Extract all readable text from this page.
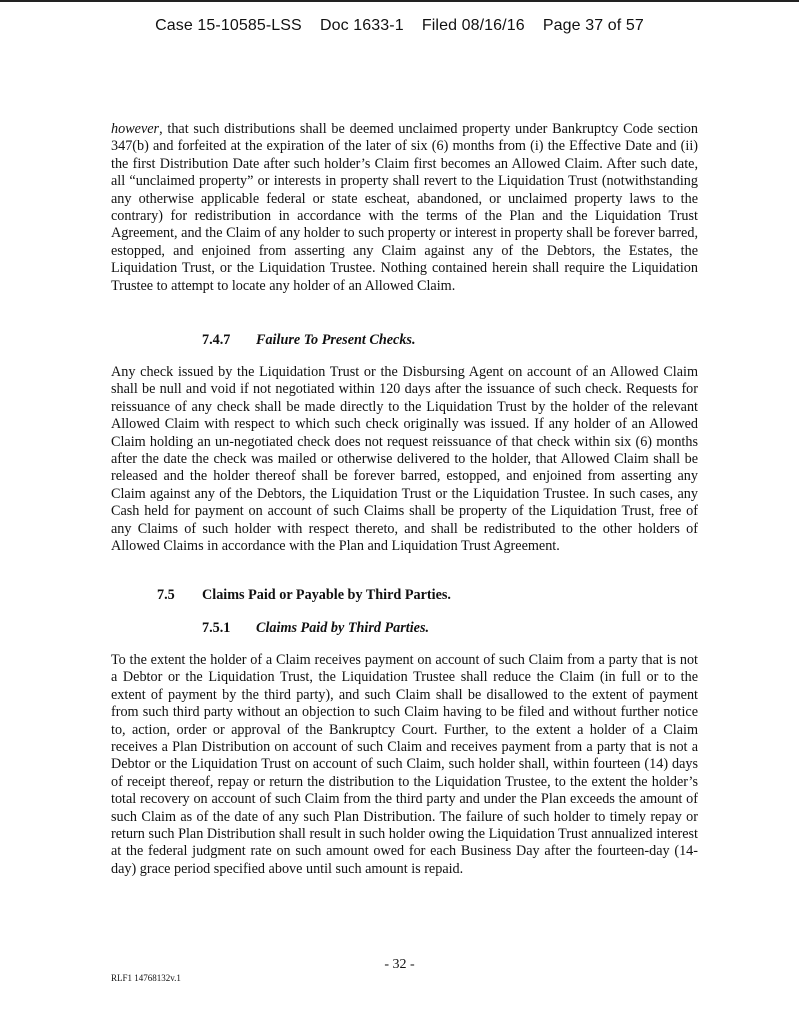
Case 15-10585-LSS Doc 1633-1 Filed 08/16/16 Page 37 of 57

however, that such distributions shall be deemed unclaimed property under Bankruptcy Code section 347(b) and forfeited at the expiration of the later of six (6) months from (i) the Effective Date and (ii) the first Distribution Date after such holder’s Claim first becomes an Allowed Claim. After such date, all “unclaimed property” or interests in property shall revert to the Liquidation Trust (notwithstanding any otherwise applicable federal or state escheat, abandoned, or unclaimed property laws to the contrary) for redistribution in accordance with the terms of the Plan and the Liquidation Trust Agreement, and the Claim of any holder to such property or interest in property shall be forever barred, estopped, and enjoined from asserting any Claim against any of the Debtors, the Estates, the Liquidation Trust, or the Liquidation Trustee. Nothing contained herein shall require the Liquidation Trustee to attempt to locate any holder of an Allowed Claim.

7.4.7 Failure To Present Checks.

Any check issued by the Liquidation Trust or the Disbursing Agent on account of an Allowed Claim shall be null and void if not negotiated within 120 days after the issuance of such check. Requests for reissuance of any check shall be made directly to the Liquidation Trust by the holder of the relevant Allowed Claim with respect to which such check originally was issued. If any holder of an Allowed Claim holding an un-negotiated check does not request reissuance of that check within six (6) months after the date the check was mailed or otherwise delivered to the holder, that Allowed Claim shall be released and the holder thereof shall be forever barred, estopped, and enjoined from asserting any Claim against any of the Debtors, the Liquidation Trust or the Liquidation Trustee. In such cases, any Cash held for payment on account of such Claims shall be property of the Liquidation Trust, free of any Claims of such holder with respect thereto, and shall be redistributed to the other holders of Allowed Claims in accordance with the Plan and Liquidation Trust Agreement.

7.5 Claims Paid or Payable by Third Parties.
7.5.1 Claims Paid by Third Parties.

To the extent the holder of a Claim receives payment on account of such Claim from a party that is not a Debtor or the Liquidation Trust, the Liquidation Trustee shall reduce the Claim (in full or to the extent of payment by the third party), and such Claim shall be disallowed to the extent of payment from such third party without an objection to such Claim having to be filed and without further notice to, action, order or approval of the Bankruptcy Court. Further, to the extent a holder of a Claim receives a Plan Distribution on account of such Claim and receives payment from a party that is not a Debtor or the Liquidation Trust on account of such Claim, such holder shall, within fourteen (14) days of receipt thereof, repay or return the distribution to the Liquidation Trustee, to the extent the holder’s total recovery on account of such Claim from the third party and under the Plan exceeds the amount of such Claim as of the date of any such Plan Distribution. The failure of such holder to timely repay or return such Plan Distribution shall result in such holder owing the Liquidation Trust annualized interest at the federal judgment rate on such amount owed for each Business Day after the fourteen-day (14-day) grace period specified above until such amount is repaid.

- 32 -
RLF1 14768132v.1
